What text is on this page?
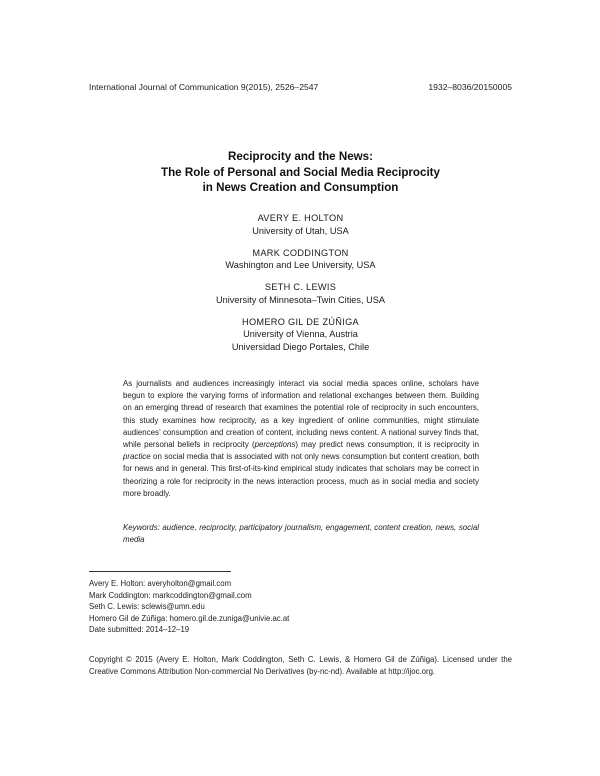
International Journal of Communication 9(2015), 2526–2547	1932–8036/20150005
Reciprocity and the News:
The Role of Personal and Social Media Reciprocity
in News Creation and Consumption
AVERY E. HOLTON
University of Utah, USA
MARK CODDINGTON
Washington and Lee University, USA
SETH C. LEWIS
University of Minnesota–Twin Cities, USA
HOMERO GIL DE ZÚÑIGA
University of Vienna, Austria
Universidad Diego Portales, Chile
As journalists and audiences increasingly interact via social media spaces online, scholars have begun to explore the varying forms of information and relational exchanges between them. Building on an emerging thread of research that examines the potential role of reciprocity in such encounters, this study examines how reciprocity, as a key ingredient of online communities, might stimulate audiences’ consumption and creation of content, including news content. A national survey finds that, while personal beliefs in reciprocity (perceptions) may predict news consumption, it is reciprocity in practice on social media that is associated with not only news consumption but content creation, both for news and in general. This first-of-its-kind empirical study indicates that scholars may be correct in theorizing a role for reciprocity in the news interaction process, much as in social media and society more broadly.
Keywords: audience, reciprocity, participatory journalism, engagement, content creation, news, social media
Avery E. Holton: averyholton@gmail.com
Mark Coddington: markcoddington@gmail.com
Seth C. Lewis: sclewis@umn.edu
Homero Gil de Zúñiga: homero.gil.de.zuniga@univie.ac.at
Date submitted: 2014–12–19
Copyright © 2015 (Avery E. Holton, Mark Coddington, Seth C. Lewis, & Homero Gil de Zúñiga). Licensed under the Creative Commons Attribution Non-commercial No Derivatives (by-nc-nd). Available at http://ijoc.org.
